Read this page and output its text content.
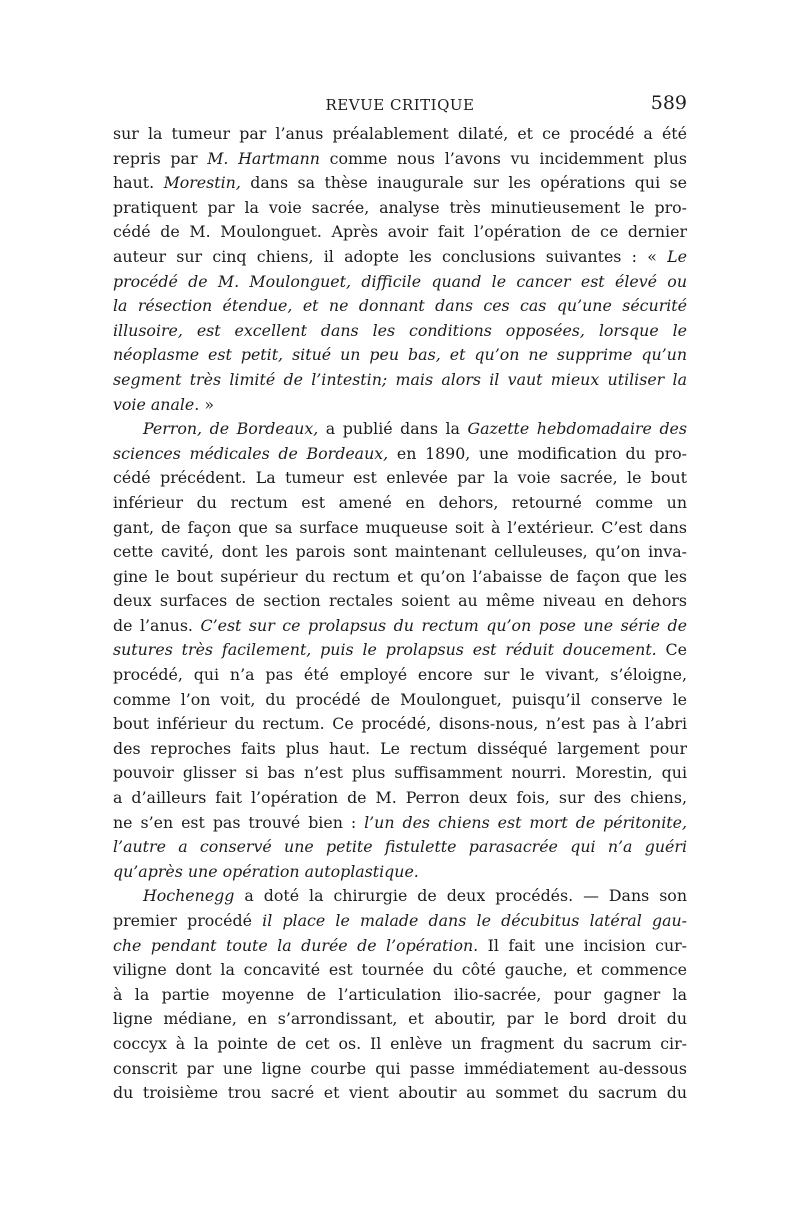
REVUE CRITIQUE	589
sur la tumeur par l’anus préalablement dilaté, et ce procédé a été
repris par M. Hartmann comme nous l’avons vu incidemment plus
haut. Morestin, dans sa thèse inaugurale sur les opérations qui se
pratiquent par la voie sacrée, analyse très minutieusement le pro-
cédé de M. Moulonguet. Après avoir fait l’opération de ce dernier
auteur sur cinq chiens, il adopte les conclusions suivantes : « Le
procédé de M. Moulonguet, difficile quand le cancer est élevé ou
la résection étendue, et ne donnant dans ces cas qu’une sécurité
illusoire, est excellent dans les conditions opposées, lorsque le
néoplasme est petit, situé un peu bas, et qu’on ne supprime qu’un
segment très limité de l’intestin; mais alors il vaut mieux utiliser la
voie anale. »
Perron, de Bordeaux, a publié dans la Gazette hebdomadaire des
sciences médicales de Bordeaux, en 1890, une modification du pro-
cédé précédent. La tumeur est enlevée par la voie sacrée, le bout
inférieur du rectum est amené en dehors, retourné comme un
gant, de façon que sa surface muqueuse soit à l’extérieur. C’est dans
cette cavité, dont les parois sont maintenant celluleuses, qu’on inva-
gine le bout supérieur du rectum et qu’on l’abaisse de façon que les
deux surfaces de section rectales soient au même niveau en dehors
de l’anus. C’est sur ce prolapsus du rectum qu’on pose une série de
sutures très facilement, puis le prolapsus est réduit doucement. Ce
procédé, qui n’a pas été employé encore sur le vivant, s’éloigne,
comme l’on voit, du procédé de Moulonguet, puisqu’il conserve le
bout inférieur du rectum. Ce procédé, disons-nous, n’est pas à l’abri
des reproches faits plus haut. Le rectum disséqué largement pour
pouvoir glisser si bas n’est plus suffisamment nourri. Morestin, qui
a d’ailleurs fait l’opération de M. Perron deux fois, sur des chiens,
ne s’en est pas trouvé bien : l’un des chiens est mort de péritonite,
l’autre a conservé une petite fistulette parasacrée qui n’a guéri
qu’après une opération autoplastique.
Hochenegg a doté la chirurgie de deux procédés. — Dans son
premier procédé il place le malade dans le décubitus latéral gau-
che pendant toute la durée de l’opération. Il fait une incision cur-
viligne dont la concavité est tournée du côté gauche, et commence
à la partie moyenne de l’articulation ilio-sacrée, pour gagner la
ligne médiane, en s’arrondissant, et aboutir, par le bord droit du
coccyx à la pointe de cet os. Il enlève un fragment du sacrum cir-
conscrit par une ligne courbe qui passe immédiatement au-dessous
du troisième trou sacré et vient aboutir au sommet du sacrum du
